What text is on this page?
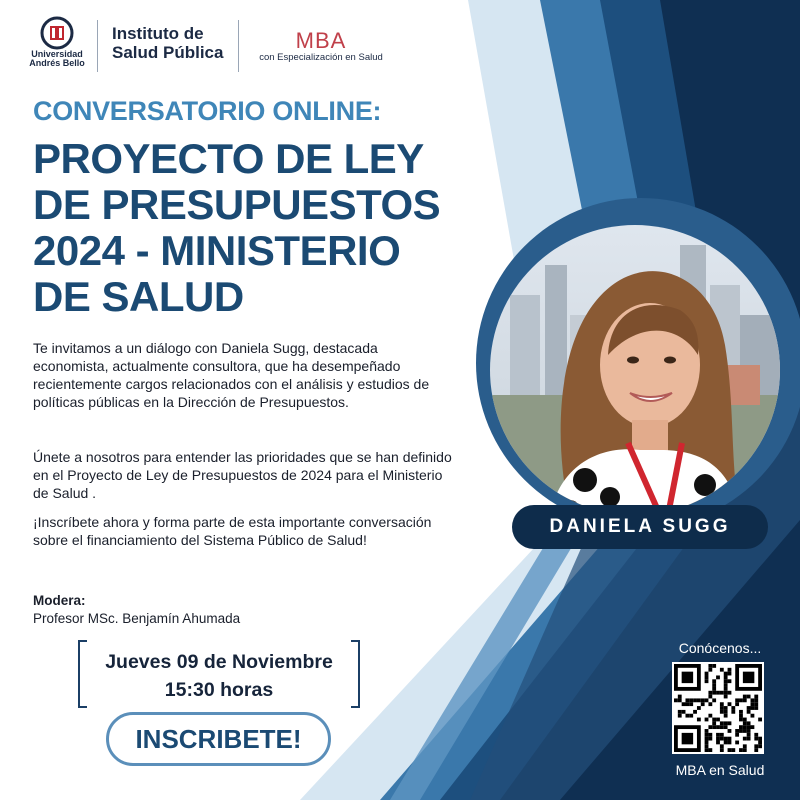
Universidad
Andrés Bello
Instituto de
Salud Pública	MBA
con Especialización en Salud
CONVERSATORIO ONLINE:
PROYECTO DE LEY
DE PRESUPUESTOS
2024 - MINISTERIO
DE SALUD
Te invitamos a un diálogo con Daniela Sugg, destacada economista, actualmente consultora, que ha desempeñado recientemente cargos relacionados con el análisis y estudios de políticas públicas en la Dirección de Presupuestos.
Únete a nosotros para entender las prioridades que se han definido en el Proyecto de Ley de Presupuestos de 2024 para el Ministerio de Salud .
¡Inscríbete ahora y forma parte de esta importante conversación sobre el financiamiento del Sistema Público de Salud!
Modera:
Profesor MSc. Benjamín Ahumada
Jueves 09 de Noviembre
15:30 horas
INSCRIBETE!
DANIELA SUGG
Conócenos...
MBA en Salud
